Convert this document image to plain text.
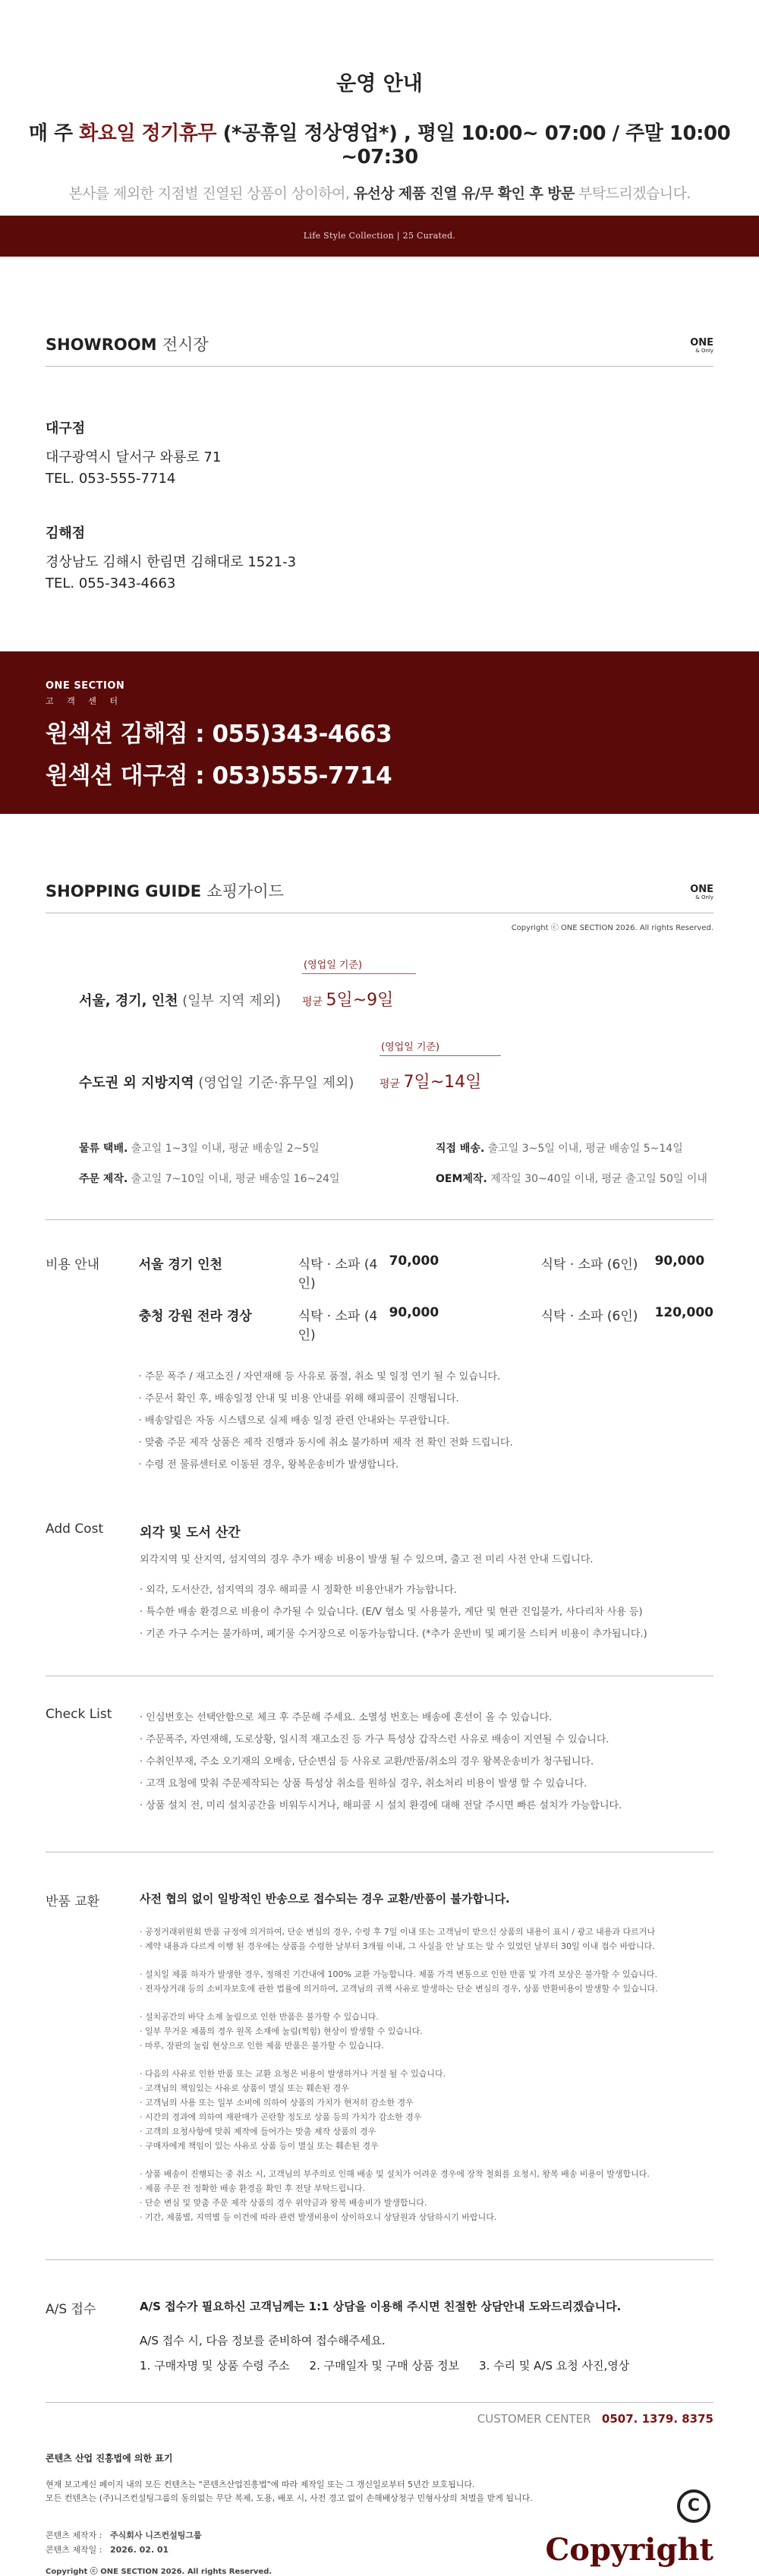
운영 안내
매 주 화요일 정기휴무 (*공휴일 정상영업*) , 평일 10:00~ 07:00 / 주말 10:00 ~07:30
본사를 제외한 지점별 진열된 상품이 상이하여, 유선상 제품 진열 유/무 확인 후 방문 부탁드리겠습니다.
Life Style Collection | 25 Curated.
SHOWROOM 전시장	ONE
& Only
대구점
대구광역시 달서구 와룡로 71
TEL. 053-555-7714
김해점
경상남도 김해시 한림면 김해대로 1521-3
TEL. 055-343-4663
ONE SECTION
고 객 센 터
원섹션 김해점 : 055)343-4663
원섹션 대구점 : 053)555-7714
SHOPPING GUIDE 쇼핑가이드	ONE
& Only
Copyright ⓒ ONE SECTION 2026. All rights Reserved.
(영업일 기준)
서울, 경기, 인천 (일부 지역 제외) 평균 5일~9일
(영업일 기준)
수도권 외 지방지역 (영업일 기준·휴무일 제외) 평균 7일~14일
물류 택배. 출고일 1~3일 이내, 평균 배송일 2~5일	직접 배송. 출고일 3~5일 이내, 평균 배송일 5~14일
주문 제작. 출고일 7~10일 이내, 평균 배송일 16~24일	OEM제작. 제작일 30~40일 이내, 평균 출고일 50일 이내
비용 안내	서울 경기 인천	식탁 · 소파 (4인)
70,000	식탁 · 소파 (6인)	90,000
충청 강원 전라 경상	식탁 · 소파 (4인)
90,000	식탁 · 소파 (6인)	120,000
· 주문 폭주 / 재고소진 / 자연재해 등 사유로 품절, 취소 및 일정 연기 될 수 있습니다.
· 주문서 확인 후, 배송일정 안내 및 비용 안내를 위해 해피콜이 진행됩니다.
· 배송알림은 자동 시스템으로 실제 배송 일정 관련 안내와는 무관합니다.
· 맞춤 주문 제작 상품은 제작 진행과 동시에 취소 불가하며 제작 전 확인 전화 드립니다.
· 수령 전 물류센터로 이동된 경우, 왕복운송비가 발생합니다.
Add Cost	외각 및 도서 산간
외각지역 및 산지역, 섬지역의 경우 추가 배송 비용이 발생 될 수 있으며, 출고 전 미리 사전 안내 드립니다.
· 외각, 도서산간, 섬지역의 경우 해피콜 시 정확한 비용안내가 가능합니다.
· 특수한 배송 환경으로 비용이 추가될 수 있습니다. (E/V 협소 및 사용불가, 계단 및 현관 진입불가, 사다리차 사용 등)
· 기존 가구 수거는 불가하며, 폐기물 수거장으로 이동가능합니다. (*추가 운반비 및 폐기물 스티커 비용이 추가됩니다.)
Check List
·	인심번호는 선택안함으로 체크 후 주문해 주세요. 소멸성 번호는 배송에 혼선이 올 수 있습니다.
· 주문폭주, 자연재해, 도로상황, 일시적 재고소진 등 가구 특성상 갑작스런 사유로 배송이 지연될 수 있습니다.
· 수취인부재, 주소 오기재의 오배송, 단순변심 등 사유로 교환/반품/취소의 경우 왕복운송비가 청구됩니다.
· 고객 요청에 맞춰 주문제작되는 상품 특성상 취소를 원하실 경우, 취소처리 비용이 발생 할 수 있습니다.
· 상품 설치 전, 미리 설치공간을 비워두시거나, 해피콜 시 설치 환경에 대해 전달 주시면 빠른 설치가 가능합니다.
반품 교환	사전 협의 없이 일방적인 반송으로 접수되는 경우 교환/반품이 불가합니다.
· 공정거래위원회 반품 규정에 의거하여, 단순 변심의 경우, 수령 후 7일 이내 또는 고객님이 받으신 상품의 내용이 표시 / 광고 내용과 다르거나
· 계약 내용과 다르게 이행 된 경우에는 상품을 수령한 날부터 3개월 이내, 그 사실을 안 날 또는 알 수 있었던 날부터 30일 이내 접수 바랍니다.
· 설치일 제품 하자가 발생한 경우, 정해진 기간내에 100% 교환 가능합니다. 제품 가격 변동으로 인한 반품 및 가격 보상은 불가할 수 있습니다.
· 전자상거래 등의 소비자보호에 관한 법률에 의거하여, 고객님의 귀책 사유로 발생하는 단순 변심의 경우, 상품 반환비용이 발생할 수 있습니다.
· 설치공간의 바닥 소재 눌림으로 인한 반품은 불가할 수 있습니다.
· 일부 무거운 제품의 경우 원목 소재에 눌림(찍힘) 현상이 발생할 수 있습니다.
· 마루, 장판의 눌림 현상으로 인한 제품 반품은 불가할 수 있습니다.
· 다음의 사유로 인한 반품 또는 교환 요청은 비용이 발생하거나 거절 될 수 있습니다.
· 고객님의 책임있는 사유로 상품이 멸실 또는 훼손된 경우
· 고객님의 사용 또는 일부 소비에 의하여 상품의 가치가 현저히 감소한 경우
· 시간의 경과에 의하여 재판매가 곤란할 정도로 상품 등의 가치가 감소한 경우
· 고객의 요청사항에 맞춰 제작에 들어가는 맞춤 제작 상품의 경우
· 구매자에게 책임이 있는 사유로 상품 등이 멸실 또는 훼손된 경우
· 상품 배송이 진행되는 중 취소 시, 고객님의 부주의로 인해 배송 및 설치가 어려운 경우에 장착 철회를 요청시, 왕복 배송 비용이 발생합니다.
· 제품 주문 전 정확한 배송 환경을 확인 후 전달 부탁드립니다.
· 단순 변심 및 맞춤 주문 제작 상품의 경우 위약금과 왕복 배송비가 발생합니다.
· 기간, 제품별, 지역별 등 이건에 따라 관련 발생비용이 상이하오니 상담원과 상담하시기 바랍니다.
A/S 접수	A/S 접수가 필요하신 고객님께는 1:1 상담을 이용해 주시면 친절한 상담안내 도와드리겠습니다.
A/S 접수 시, 다음 정보를 준비하여 접수해주세요.
1. 구매자명 및 상품 수령 주소 2. 구매일자 및 구매 상품 정보 3. 수리 및 A/S 요청 사진,영상
CUSTOMER CENTER 0507. 1379. 8375
콘텐츠 산업 진흥법에 의한 표기
현재 보고계신 페이지 내의 모든 컨텐츠는 "콘텐츠산업진흥법"에 따라 제작일 또는 그 갱신일로부터 5년간 보호됩니다.
모든 컨텐츠는 (주)니즈컨설팅그룹의 동의없는 무단 복제, 도용, 배포 시, 사전 경고 없이 손해배상청구 민형사상의 처벌을 받게 됩니다.
콘텐츠 제작자 : 주식회사 니즈컨설팅그룹
콘텐츠 제작일 : 2026. 02. 01
Copyright ⓒ ONE SECTION 2026. All rights Reserved.
C
Copyright
